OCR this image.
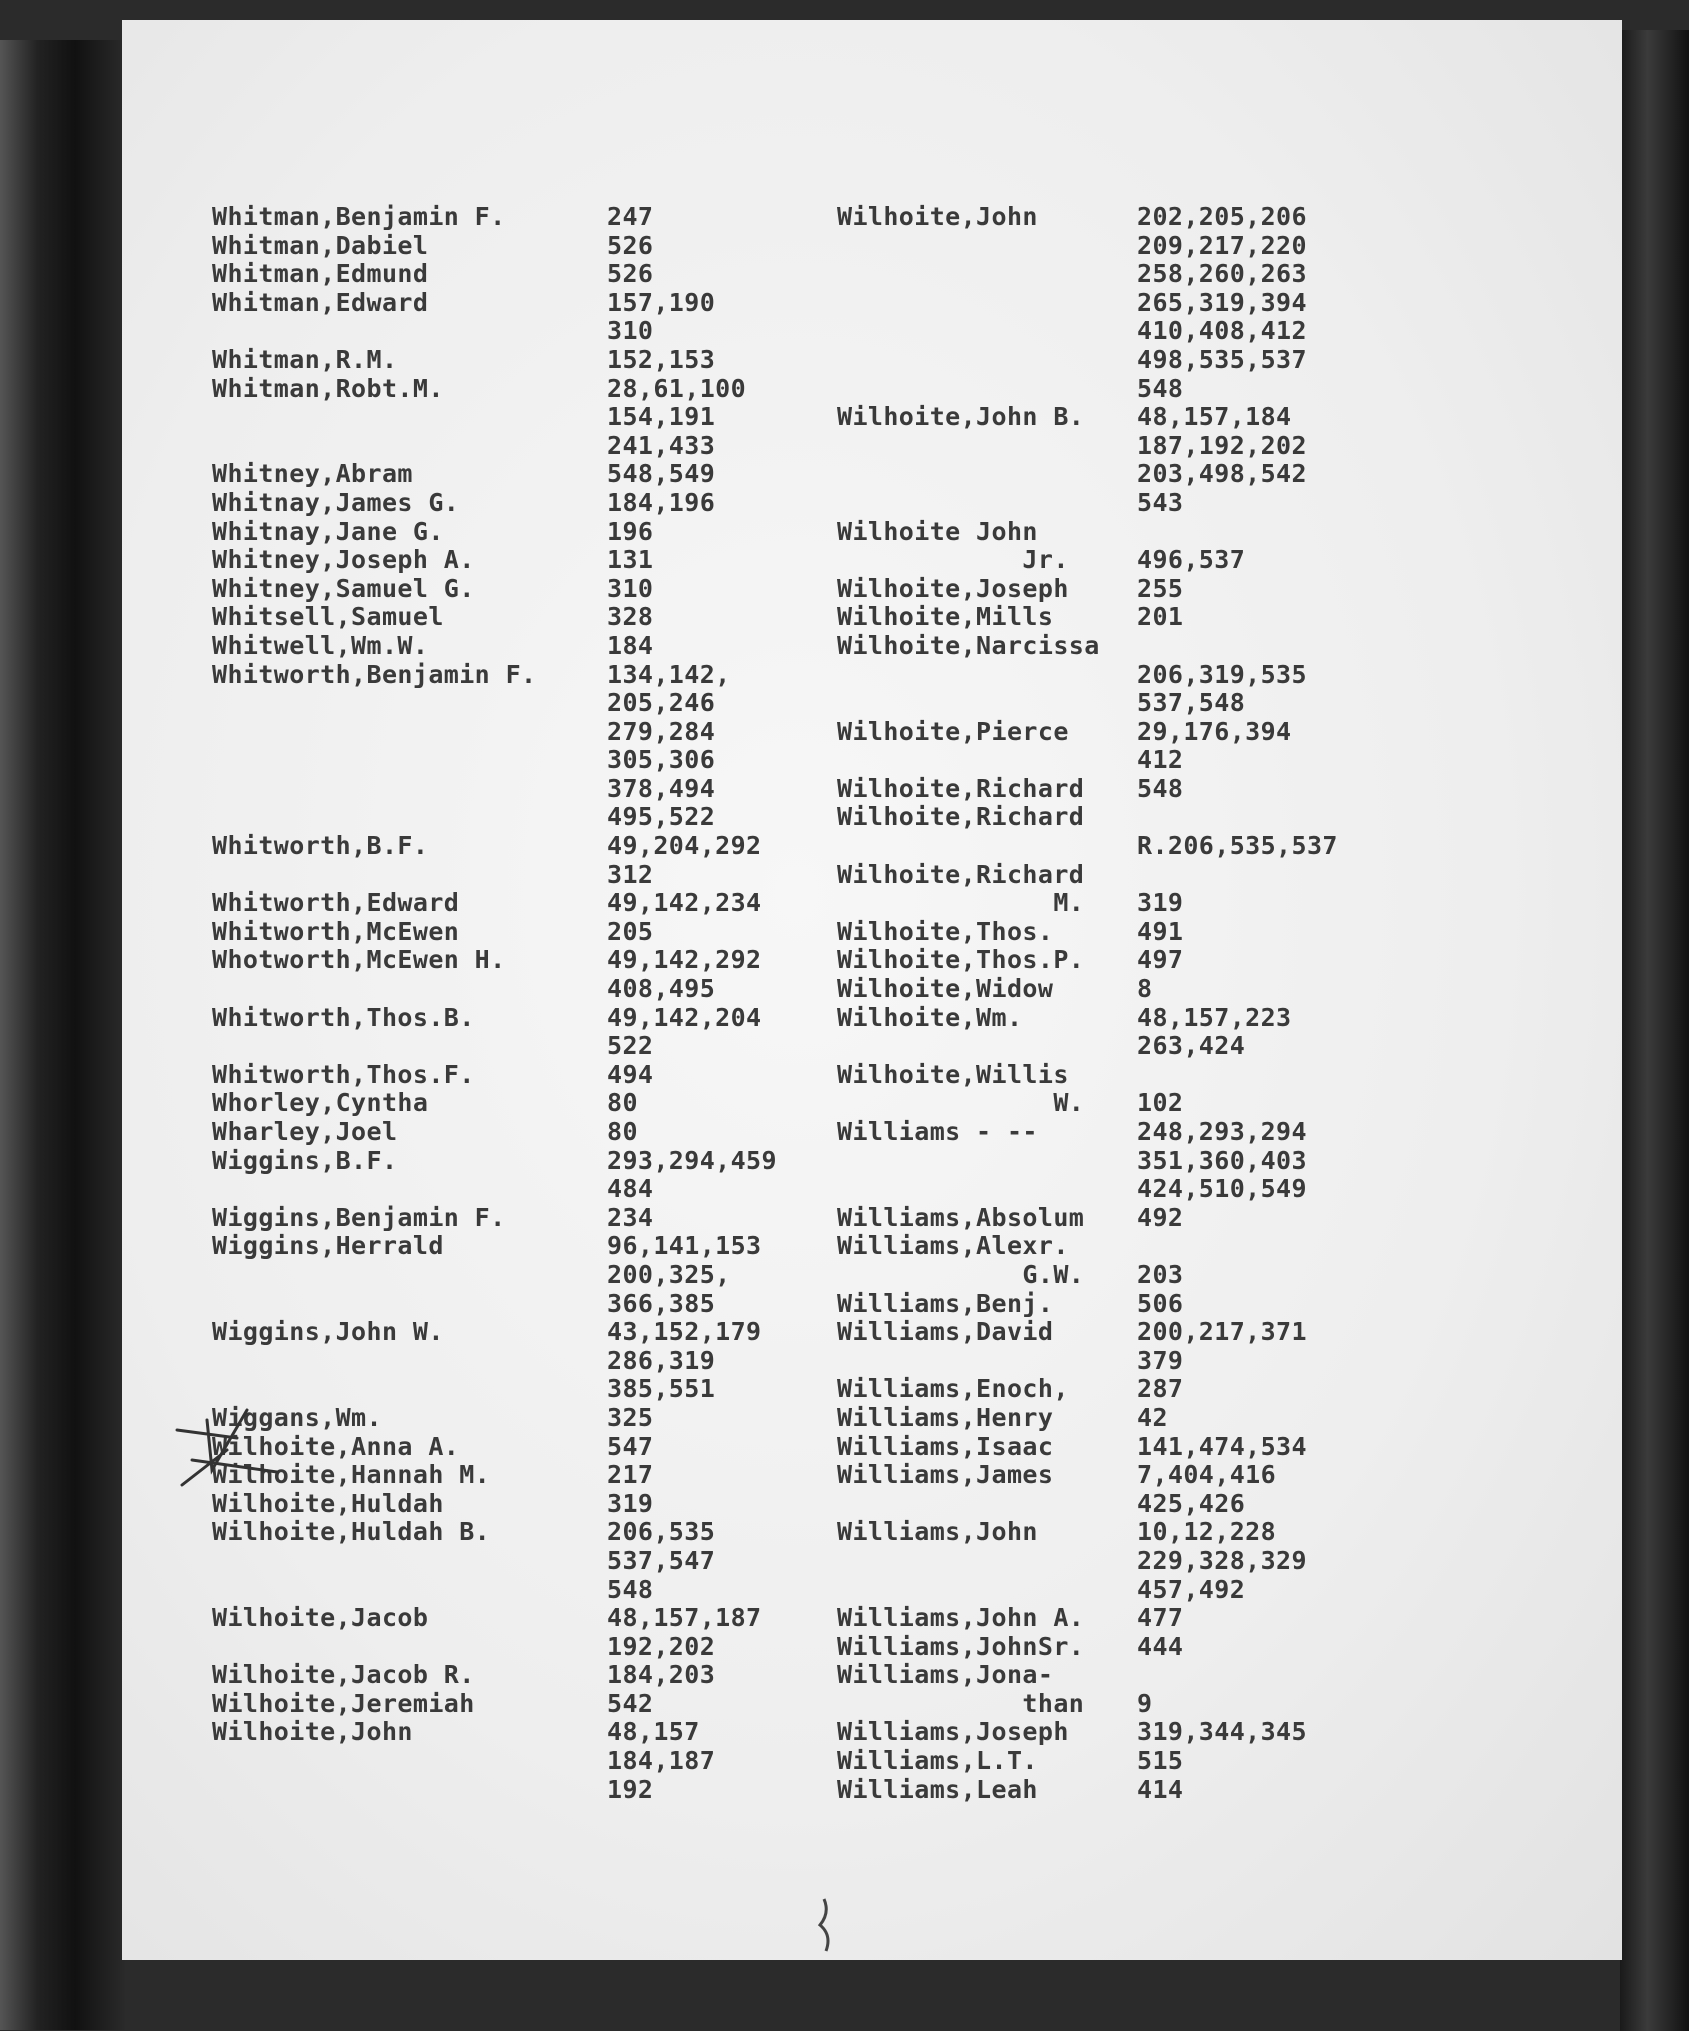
Whitman,Benjamin F.	247
Whitman,Dabiel	526
Whitman,Edmund	526
Whitman,Edward	157,190
310
Whitman,R.M.	152,153
Whitman,Robt.M.	28,61,100
154,191
241,433
Whitney,Abram	548,549
Whitnay,James G.	184,196
Whitnay,Jane G.	196
Whitney,Joseph A.	131
Whitney,Samuel G.	310
Whitsell,Samuel	328
Whitwell,Wm.W.	184
Whitworth,Benjamin F.	134,142,
205,246
279,284
305,306
378,494
495,522
Whitworth,B.F.	49,204,292
312
Whitworth,Edward	49,142,234
Whitworth,McEwen	205
Whotworth,McEwen H.	49,142,292
408,495
Whitworth,Thos.B.	49,142,204
522
Whitworth,Thos.F.	494
Whorley,Cyntha	80
Wharley,Joel	80
Wiggins,B.F.	293,294,459
484
Wiggins,Benjamin F.	234
Wiggins,Herrald	96,141,153
200,325,
366,385
Wiggins,John W.	43,152,179
286,319
385,551
Wiggans,Wm.	325
Wilhoite,Anna A.	547
Wilhoite,Hannah M.	217
Wilhoite,Huldah	319
Wilhoite,Huldah B.	206,535
537,547
548
Wilhoite,Jacob	48,157,187
192,202
Wilhoite,Jacob R.	184,203
Wilhoite,Jeremiah	542
Wilhoite,John	48,157
184,187
192
Wilhoite,John	202,205,206
209,217,220
258,260,263
265,319,394
410,408,412
498,535,537
548
Wilhoite,John B.	48,157,184
187,192,202
203,498,542
543
Wilhoite John
Jr.	496,537
Wilhoite,Joseph	255
Wilhoite,Mills	201
Wilhoite,Narcissa
206,319,535
537,548
Wilhoite,Pierce	29,176,394
412
Wilhoite,Richard	548
Wilhoite,Richard
R.206,535,537
Wilhoite,Richard
M.	319
Wilhoite,Thos.	491
Wilhoite,Thos.P.	497
Wilhoite,Widow	8
Wilhoite,Wm.	48,157,223
263,424
Wilhoite,Willis
W.	102
Williams - --	248,293,294
351,360,403
424,510,549
Williams,Absolum	492
Williams,Alexr.
G.W.	203
Williams,Benj.	506
Williams,David	200,217,371
379
Williams,Enoch,	287
Williams,Henry	42
Williams,Isaac	141,474,534
Williams,James	7,404,416
425,426
Williams,John	10,12,228
229,328,329
457,492
Williams,John A.	477
Williams,JohnSr.	444
Williams,Jona-
than	9
Williams,Joseph	319,344,345
Williams,L.T.	515
Williams,Leah	414
